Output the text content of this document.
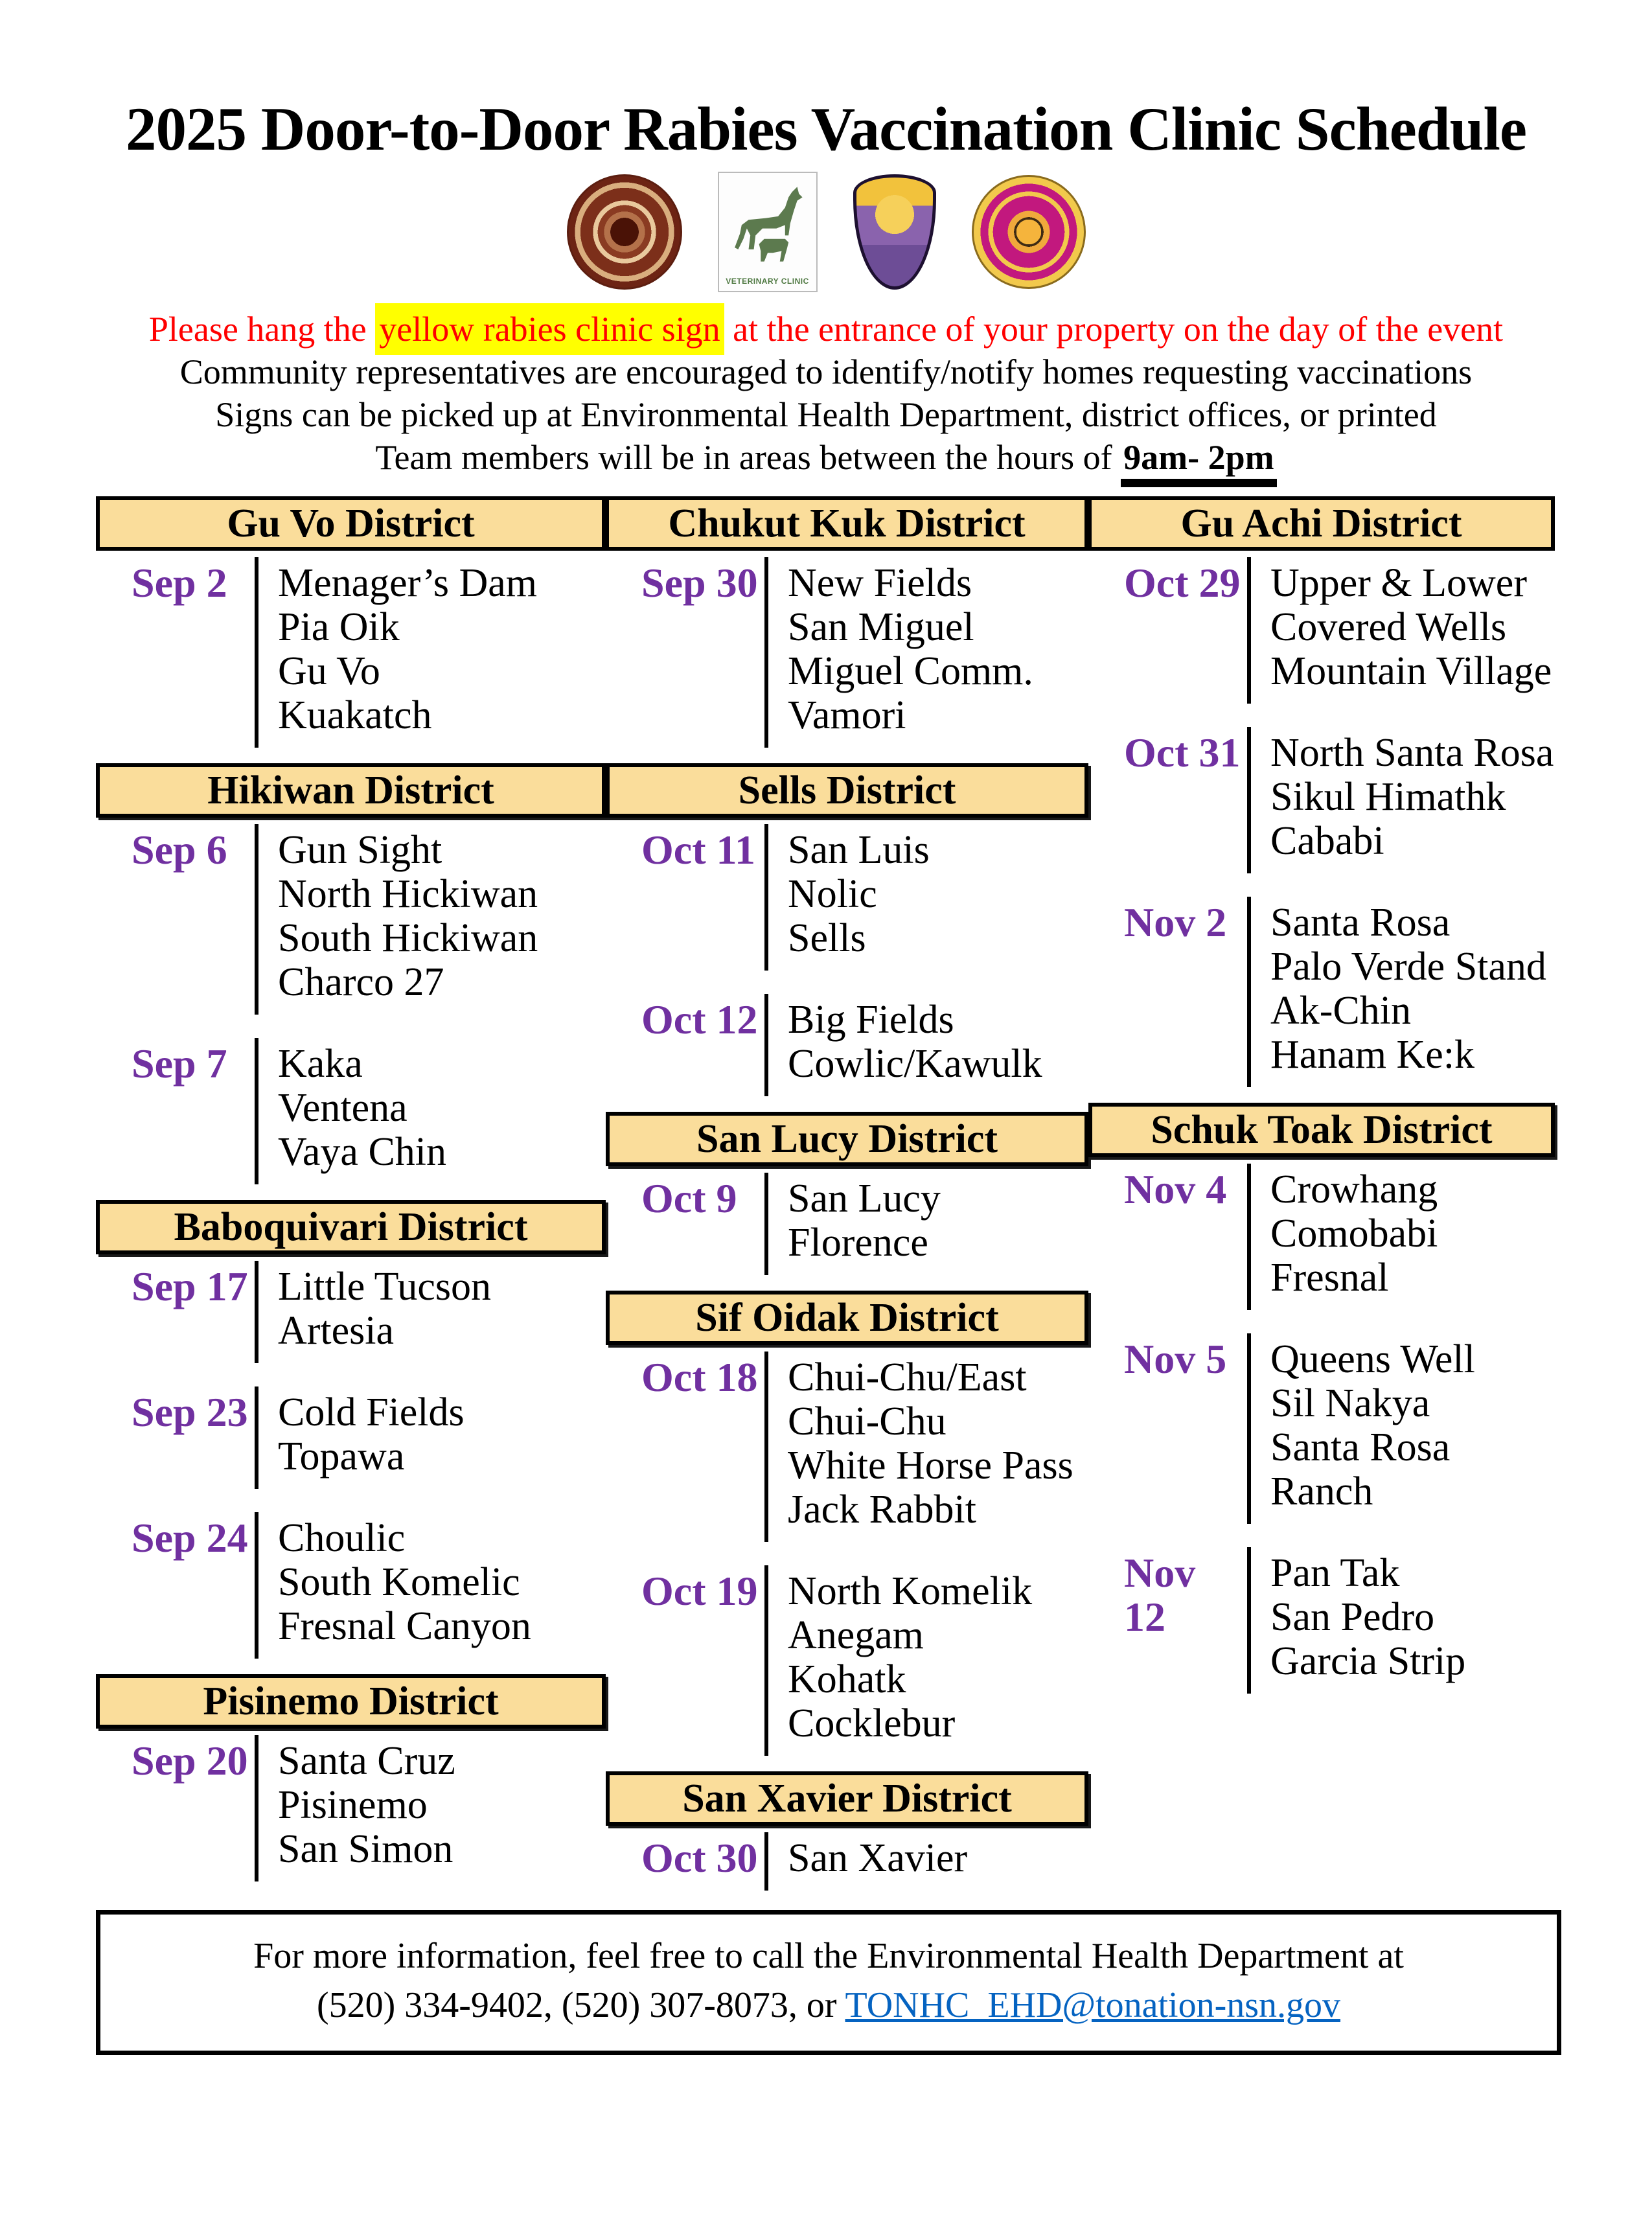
2025 Door-to-Door Rabies Vaccination Clinic Schedule
VETERINARY CLINIC

Please hang the yellow rabies clinic sign at the entrance of your property on the day of the event

Community representatives are encouraged to identify/notify homes requesting vaccinations

Signs can be picked up at Environmental Health Department, district offices, or printed

Team members will be in areas between the hours of 9am- 2pm

Gu Vo District
Sep 2	Menager’s Dam
Pia Oik
Gu Vo
Kuakatch
Hikiwan District
Sep 6	Gun Sight
North Hickiwan
South Hickiwan
Charco 27
Sep 7	Kaka
Ventena
Vaya Chin
Baboquivari District
Sep 17 Little Tucson
Artesia
Sep 23 Cold Fields
Topawa
Sep 24 Choulic
South Komelic
Fresnal Canyon
Pisinemo District
Sep 20 Santa Cruz
Pisinemo
San Simon
Chukut Kuk District
Sep 30 New Fields
San Miguel
Miguel Comm.
Vamori
Sells District
Oct 11 San Luis
Nolic
Sells
Oct 12 Big Fields
Cowlic/Kawulk
San Lucy District
Oct 9	San Lucy
Florence
Sif Oidak District
Oct 18 Chui-Chu/East
Chui-Chu
White Horse Pass
Jack Rabbit
Oct 19 North Komelik
Anegam
Kohatk
Cocklebur
San Xavier District
Oct 30 San Xavier
Gu Achi District
Oct 29 Upper & Lower
Covered Wells
Mountain Village
Oct 31 North Santa Rosa
Sikul Himathk
Cababi
Nov 2	Santa Rosa
Palo Verde Stand
Ak-Chin
Hanam Ke:k
Schuk Toak District
Nov 4	Crowhang
Comobabi
Fresnal
Nov 5	Queens Well
Sil Nakya
Santa Rosa
Ranch
Nov 12
Pan Tak
San Pedro
Garcia Strip

For more information, feel free to call the Environmental Health Department at

(520) 334-9402, (520) 307-8073, or TONHC_EHD@tonation-nsn.gov
